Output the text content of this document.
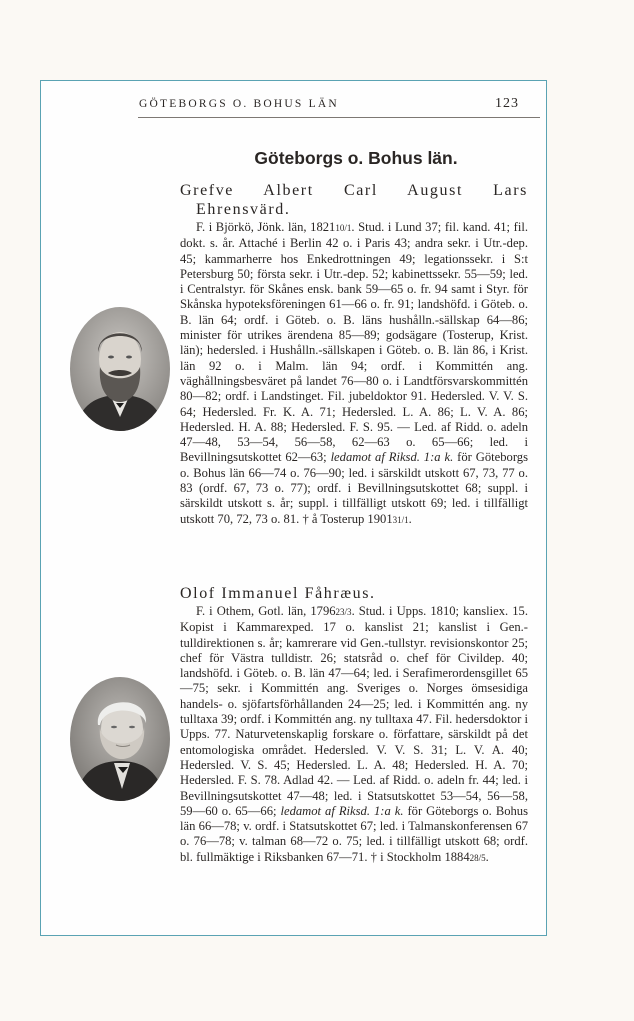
GÖTEBORGS O. BOHUS LÄN	123
Göteborgs o. Bohus län.
Grefve Albert Carl August Lars Ehrensvärd.

F. i Björkö, Jönk. län, 182110/1. Stud. i Lund 37; fil. kand. 41; fil. dokt. s. år. Attaché i Berlin 42 o. i Paris 43; andra sekr. i Utr.-dep. 45; kammarherre hos Enkedrottningen 49; legationssekr. i S:t Petersburg 50; första sekr. i Utr.-dep. 52; kabinettssekr. 55—59; led. i Centralstyr. för Skånes ensk. bank 59—65 o. fr. 94 samt i Styr. för Skånska hypoteksföreningen 61—66 o. fr. 91; landshöfd. i Göteb. o. B. län 64; ordf. i Göteb. o. B. läns hushålln.-sällskap 64—86; minister för utrikes ärendena 85—89; godsägare (Tosterup, Krist. län); hedersled. i Hushålln.-sällskapen i Göteb. o. B. län 86, i Krist. län 92 o. i Malm. län 94; ordf. i Kommittén ang. väghållningsbesväret på landet 76—80 o. i Landtförsvarskommittén 80—82; ordf. i Landstinget. Fil. jubeldoktor 91. Hedersled. V. V. S. 64; Hedersled. Fr. K. A. 71; Hedersled. L. A. 86; L. V. A. 86; Hedersled. H. A. 88; Hedersled. F. S. 95. — Led. af Ridd. o. adeln 47—48, 53—54, 56—58, 62—63 o. 65—66; led. i Bevillningsutskottet 62—63; ledamot af Riksd. 1:a k. för Göteborgs o. Bohus län 66—74 o. 76—90; led. i särskildt utskott 67, 73, 77 o. 83 (ordf. 67, 73 o. 77); ordf. i Bevillningsutskottet 68; suppl. i särskildt utskott s. år; suppl. i tillfälligt utskott 69; led. i tillfälligt utskott 70, 72, 73 o. 81. † å Tosterup 190131/1.

Olof Immanuel Fåhræus.

F. i Othem, Gotl. län, 179623/3. Stud. i Upps. 1810; kansliex. 15. Kopist i Kammarexped. 17 o. kanslist 21; kanslist i Gen.-tulldirektionen s. år; kamrerare vid Gen.-tullstyr. revisionskontor 25; chef för Västra tulldistr. 26; statsråd o. chef för Civildep. 40; landshöfd. i Göteb. o. B. län 47—64; led. i Serafimerordensgillet 65—75; sekr. i Kommittén ang. Sveriges o. Norges ömsesidiga handels- o. sjöfartsförhållanden 24—25; led. i Kommittén ang. ny tulltaxa 39; ordf. i Kommittén ang. ny tulltaxa 47. Fil. hedersdoktor i Upps. 77. Naturvetenskaplig forskare o. författare, särskildt på det entomologiska området. Hedersled. V. V. S. 31; L. V. A. 40; Hedersled. V. S. 45; Hedersled. L. A. 48; Hedersled. H. A. 70; Hedersled. F. S. 78. Adlad 42. — Led. af Ridd. o. adeln fr. 44; led. i Bevillningsutskottet 47—48; led. i Statsutskottet 53—54, 56—58, 59—60 o. 65—66; ledamot af Riksd. 1:a k. för Göteborgs o. Bohus län 66—78; v. ordf. i Statsutskottet 67; led. i Talmanskonferensen 67 o. 76—78; v. talman 68—72 o. 75; led. i tillfälligt utskott 68; ordf. bl. fullmäktige i Riksbanken 67—71. † i Stockholm 188428/5.
